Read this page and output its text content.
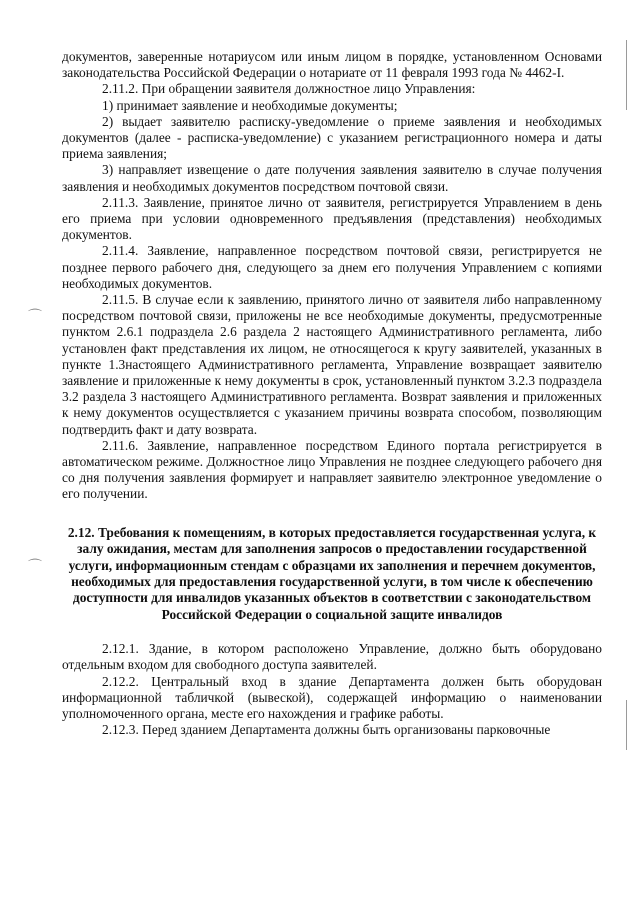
⌒
⌒

документов, заверенные нотариусом или иным лицом в порядке, установленном Основами законодательства Российской Федерации о нотариате от 11 февраля 1993 года № 4462-I.

2.11.2. При обращении заявителя должностное лицо Управления:

1) принимает заявление и необходимые документы;

2) выдает заявителю расписку-уведомление о приеме заявления и необходимых документов (далее - расписка-уведомление) с указанием регистрационного номера и даты приема заявления;

3) направляет извещение о дате получения заявления заявителю в случае получения заявления и необходимых документов посредством почтовой связи.

2.11.3. Заявление, принятое лично от заявителя, регистрируется Управлением в день его приема при условии одновременного предъявления (представления) необходимых документов.

2.11.4. Заявление, направленное посредством почтовой связи, регистрируется не позднее первого рабочего дня, следующего за днем его получения Управлением с копиями необходимых документов.

2.11.5. В случае если к заявлению, принятого лично от заявителя либо направленному посредством почтовой связи, приложены не все необходимые документы, предусмотренные пунктом 2.6.1 подраздела 2.6 раздела 2 настоящего Административного регламента, либо установлен факт представления их лицом, не относящегося к кругу заявителей, указанных в пункте 1.3настоящего Административного регламента, Управление возвращает заявителю заявление и приложенные к нему документы в срок, установленный пунктом 3.2.3 подраздела 3.2 раздела 3 настоящего Административного регламента. Возврат заявления и приложенных к нему документов осуществляется с указанием причины возврата способом, позволяющим подтвердить факт и дату возврата.

2.11.6. Заявление, направленное посредством Единого портала регистрируется в автоматическом режиме. Должностное лицо Управления не позднее следующего рабочего дня со дня получения заявления формирует и направляет заявителю электронное уведомление о его получении.

2.12. Требования к помещениям, в которых предоставляется государственная услуга, к залу ожидания, местам для заполнения запросов о предоставлении государственной услуги, информационным стендам с образцами их заполнения и перечнем документов, необходимых для предоставления государственной услуги, в том числе к обеспечению доступности для инвалидов указанных объектов в соответствии с законодательством Российской Федерации о социальной защите инвалидов

2.12.1. Здание, в котором расположено Управление, должно быть оборудовано отдельным входом для свободного доступа заявителей.

2.12.2. Центральный вход в здание Департамента должен быть оборудован информационной табличкой (вывеской), содержащей информацию о наименовании уполномоченного органа, месте его нахождения и графике работы.

2.12.3. Перед зданием Департамента должны быть организованы парковочные
